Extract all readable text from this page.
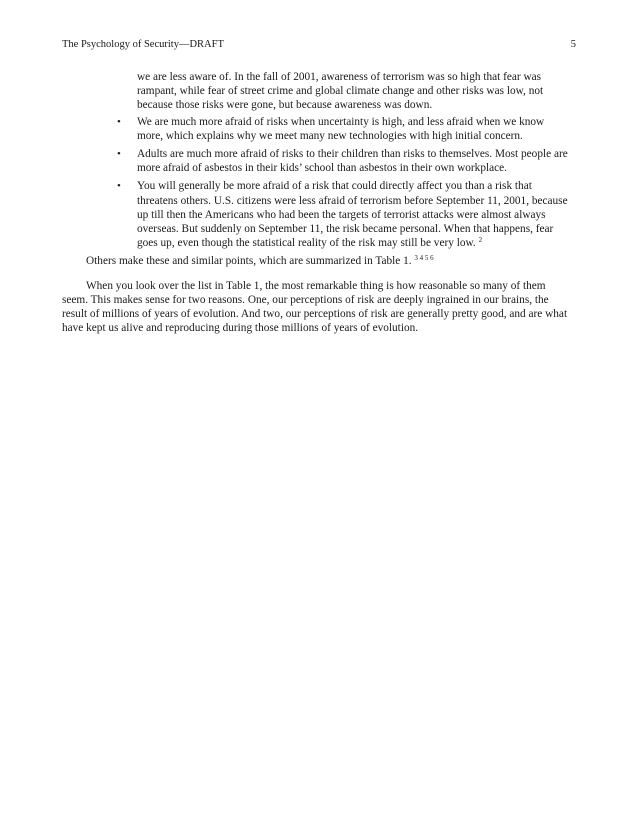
The Psychology of Security—DRAFT	5

we are less aware of. In the fall of 2001, awareness of terrorism was so high that fear was rampant, while fear of street crime and global climate change and other risks was low, not because those risks were gone, but because awareness was down.

• We are much more afraid of risks when uncertainty is high, and less afraid when we know more, which explains why we meet many new technologies with high initial concern.
• Adults are much more afraid of risks to their children than risks to themselves. Most people are more afraid of asbestos in their kids’ school than asbestos in their own workplace.
• You will generally be more afraid of a risk that could directly affect you than a risk that threatens others. U.S. citizens were less afraid of terrorism before September 11, 2001, because up till then the Americans who had been the targets of terrorist attacks were almost always overseas. But suddenly on September 11, the risk became personal. When that happens, fear goes up, even though the statistical reality of the risk may still be very low. $^2$

Others make these and similar points, which are summarized in Table 1. $^{3 4 5 6}$

When you look over the list in Table 1, the most remarkable thing is how reasonable so many of them seem. This makes sense for two reasons. One, our perceptions of risk are deeply ingrained in our brains, the result of millions of years of evolution. And two, our perceptions of risk are generally pretty good, and are what have kept us alive and reproducing during those millions of years of evolution.
